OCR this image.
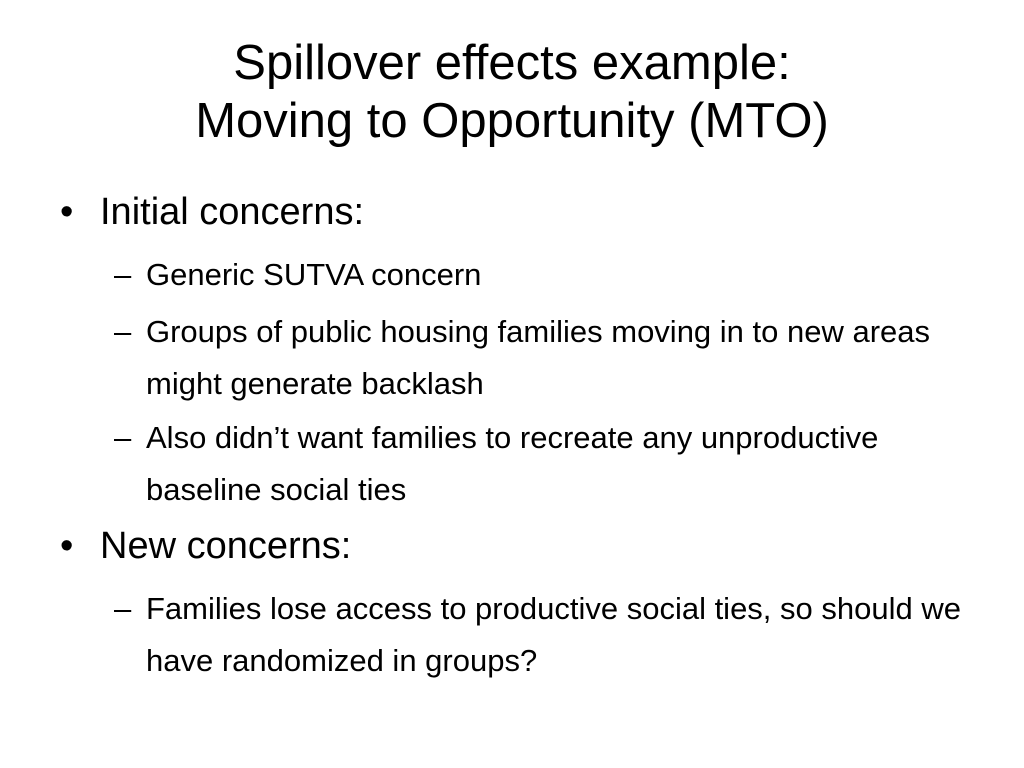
Spillover effects example:
Moving to Opportunity (MTO)
• Initial concerns:
– Generic SUTVA concern
– Groups of public housing families moving in to new areas might generate backlash
– Also didn’t want families to recreate any unproductive baseline social ties
• New concerns:
– Families lose access to productive social ties, so should we have randomized in groups?
